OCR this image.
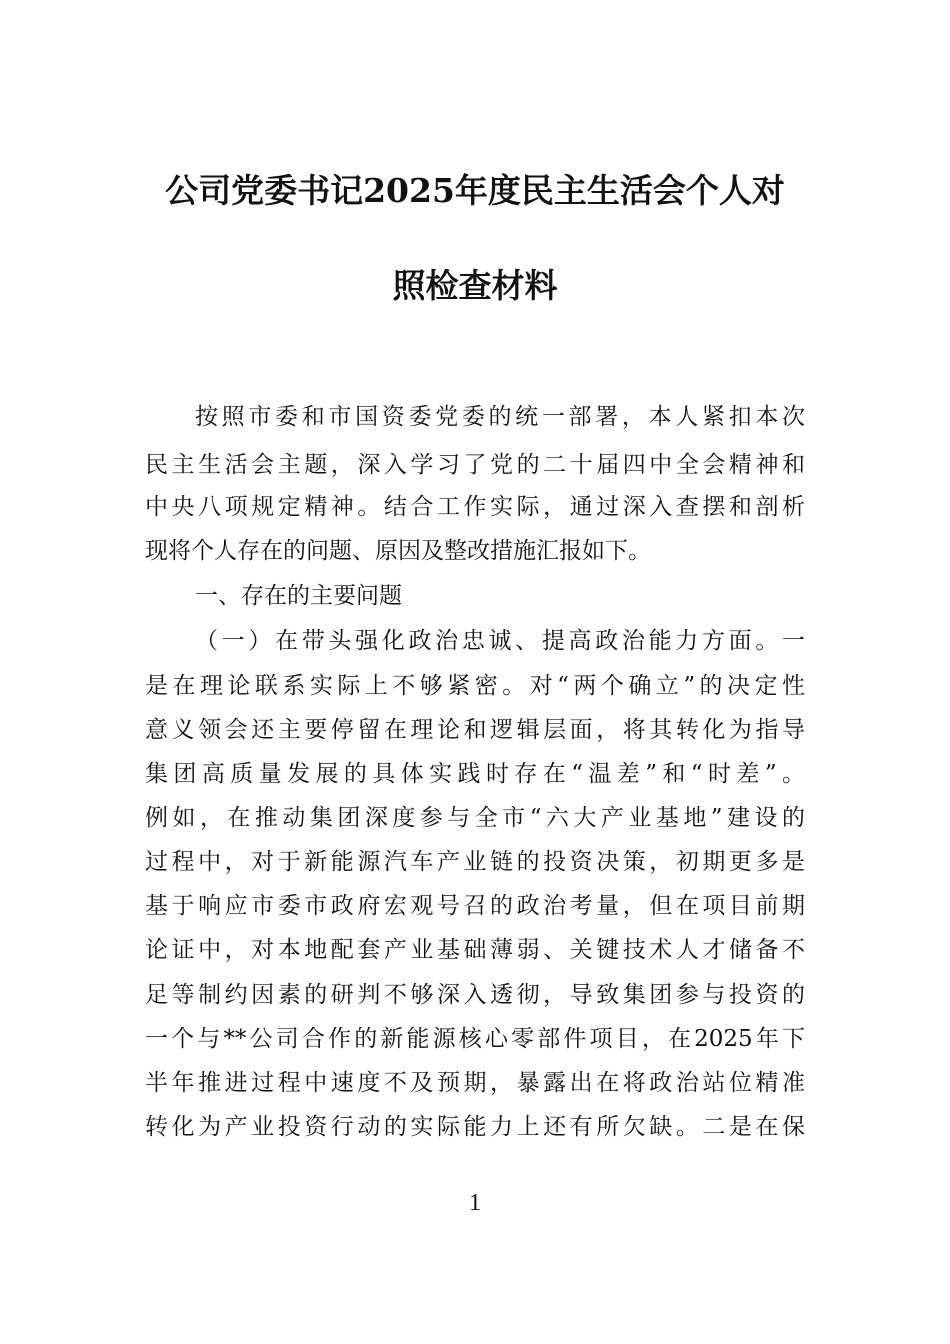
公司党委书记2025年度民主生活会个人对
照检查材料
按照市委和市国资委党委的统一部署，本人紧扣本次
民主生活会主题，深入学习了党的二十届四中全会精神和
中央八项规定精神。结合工作实际，通过深入查摆和剖析
现将个人存在的问题、原因及整改措施汇报如下。
一、存在的主要问题
（一）在带头强化政治忠诚、提高政治能力方面。一
是在理论联系实际上不够紧密。对“两个确立”的决定性
意义领会还主要停留在理论和逻辑层面，将其转化为指导
集团高质量发展的具体实践时存在“温差”和“时差”。
例如，在推动集团深度参与全市“六大产业基地”建设的
过程中，对于新能源汽车产业链的投资决策，初期更多是
基于响应市委市政府宏观号召的政治考量，但在项目前期
论证中，对本地配套产业基础薄弱、关键技术人才储备不
足等制约因素的研判不够深入透彻，导致集团参与投资的
一个与**公司合作的新能源核心零部件项目，在2025年下
半年推进过程中速度不及预期，暴露出在将政治站位精准
转化为产业投资行动的实际能力上还有所欠缺。二是在保
1
